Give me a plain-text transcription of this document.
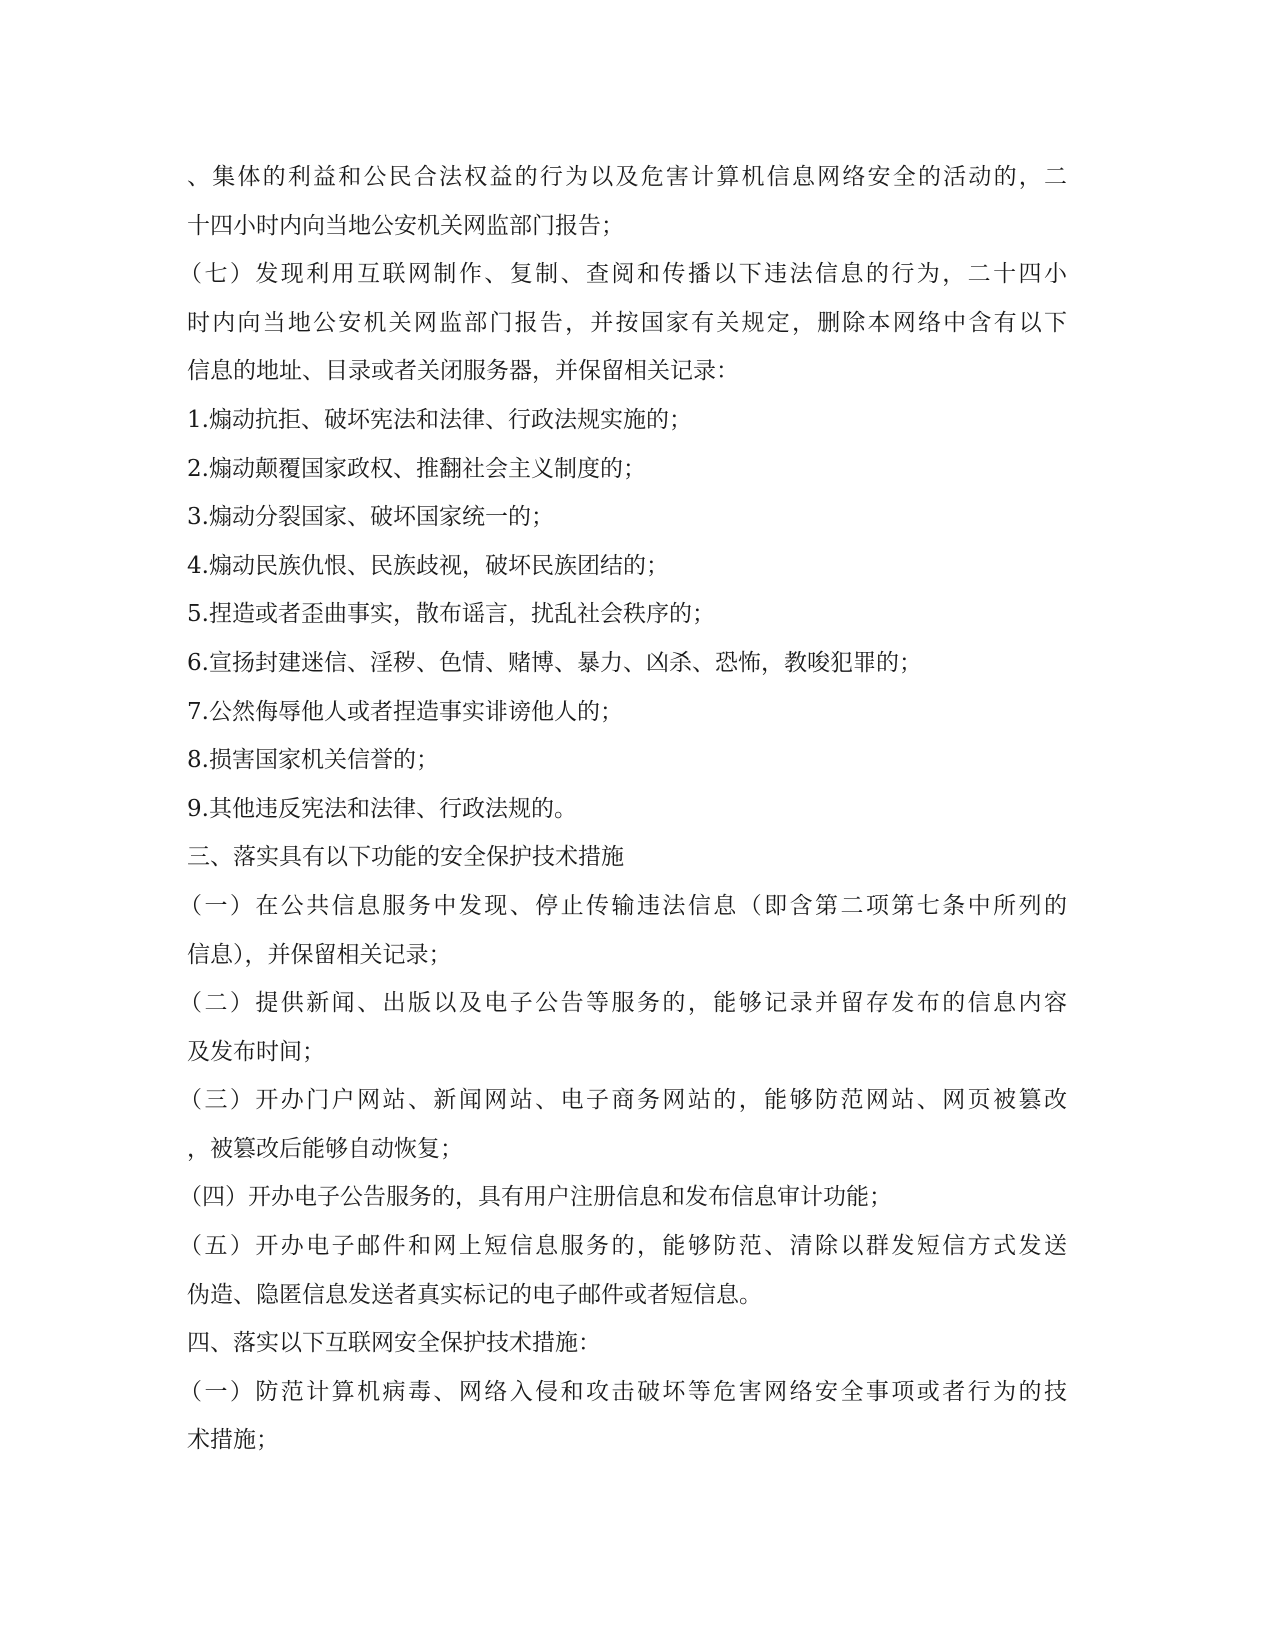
、集体的利益和公民合法权益的行为以及危害计算机信息网络安全的活动的，二

十四小时内向当地公安机关网监部门报告；

（七）发现利用互联网制作、复制、查阅和传播以下违法信息的行为，二十四小

时内向当地公安机关网监部门报告，并按国家有关规定，删除本网络中含有以下

信息的地址、目录或者关闭服务器，并保留相关记录：

1.煽动抗拒、破坏宪法和法律、行政法规实施的；

2.煽动颠覆国家政权、推翻社会主义制度的；

3.煽动分裂国家、破坏国家统一的；

4.煽动民族仇恨、民族歧视，破坏民族团结的；

5.捏造或者歪曲事实，散布谣言，扰乱社会秩序的；

6.宣扬封建迷信、淫秽、色情、赌博、暴力、凶杀、恐怖，教唆犯罪的；

7.公然侮辱他人或者捏造事实诽谤他人的；

8.损害国家机关信誉的；

9.其他违反宪法和法律、行政法规的。

三、落实具有以下功能的安全保护技术措施

（一）在公共信息服务中发现、停止传输违法信息（即含第二项第七条中所列的

信息），并保留相关记录；

（二）提供新闻、出版以及电子公告等服务的，能够记录并留存发布的信息内容

及发布时间；

（三）开办门户网站、新闻网站、电子商务网站的，能够防范网站、网页被篡改

，被篡改后能够自动恢复；

（四）开办电子公告服务的，具有用户注册信息和发布信息审计功能；

（五）开办电子邮件和网上短信息服务的，能够防范、清除以群发短信方式发送

伪造、隐匿信息发送者真实标记的电子邮件或者短信息。

四、落实以下互联网安全保护技术措施：

（一）防范计算机病毒、网络入侵和攻击破坏等危害网络安全事项或者行为的技

术措施；
